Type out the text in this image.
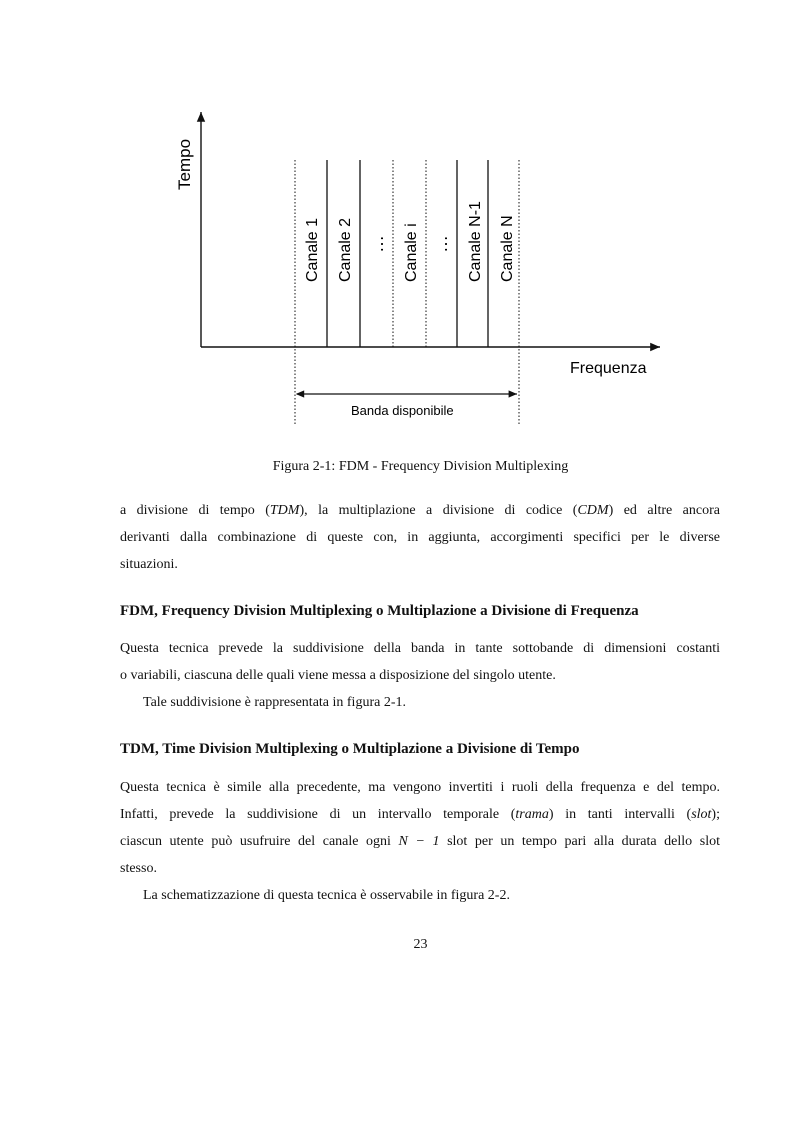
Tempo
Frequenza
Canale 1 Canale 2 … Canale i … Canale N-1 Canale N
Banda disponibile
Figura 2-1: FDM - Frequency Division Multiplexing
a divisione di tempo (TDM), la multiplazione a divisione di codice (CDM) ed altre ancora
derivanti dalla combinazione di queste con, in aggiunta, accorgimenti specifici per le diverse
situazioni.
FDM, Frequency Division Multiplexing o Multiplazione a Divisione di Frequenza
Questa tecnica prevede la suddivisione della banda in tante sottobande di dimensioni costanti
o variabili, ciascuna delle quali viene messa a disposizione del singolo utente.
Tale suddivisione è rappresentata in figura 2-1.
TDM, Time Division Multiplexing o Multiplazione a Divisione di Tempo
Questa tecnica è simile alla precedente, ma vengono invertiti i ruoli della frequenza e del tempo.
Infatti, prevede la suddivisione di un intervallo temporale (trama) in tanti intervalli (slot);
ciascun utente può usufruire del canale ogni N − 1 slot per un tempo pari alla durata dello slot
stesso.
La schematizzazione di questa tecnica è osservabile in figura 2-2.
23
